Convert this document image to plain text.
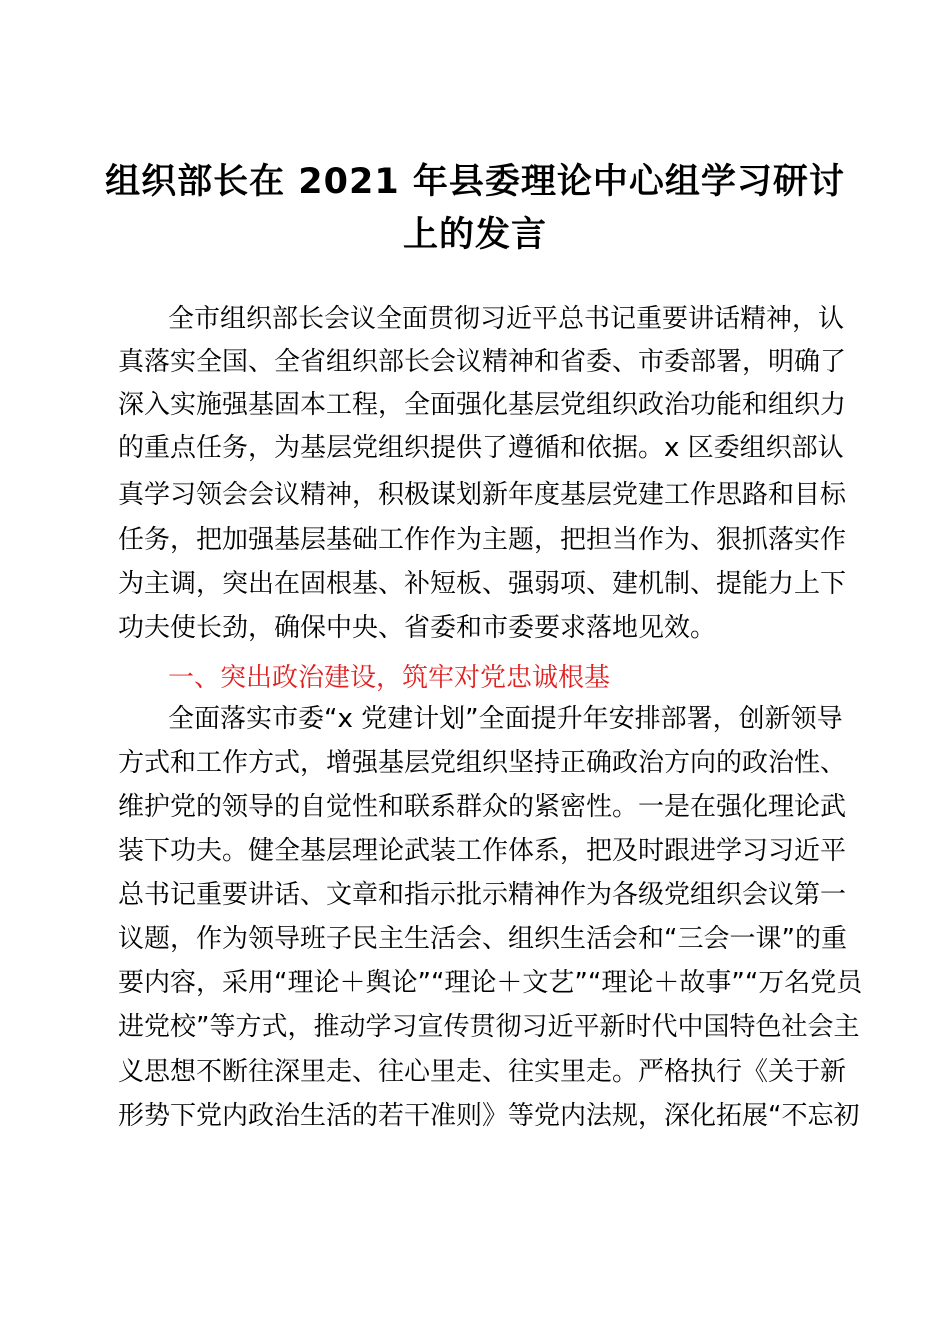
组织部长在 2021 年县委理论中心组学习研讨
上的发言
全市组织部长会议全面贯彻习近平总书记重要讲话精神，认
真落实全国、全省组织部长会议精神和省委、市委部署，明确了
深入实施强基固本工程，全面强化基层党组织政治功能和组织力
的重点任务，为基层党组织提供了遵循和依据。x 区委组织部认
真学习领会会议精神，积极谋划新年度基层党建工作思路和目标
任务，把加强基层基础工作作为主题，把担当作为、狠抓落实作
为主调，突出在固根基、补短板、强弱项、建机制、提能力上下
功夫使长劲，确保中央、省委和市委要求落地见效。
一、突出政治建设，筑牢对党忠诚根基
全面落实市委“x 党建计划”全面提升年安排部署，创新领导
方式和工作方式，增强基层党组织坚持正确政治方向的政治性、
维护党的领导的自觉性和联系群众的紧密性。一是在强化理论武
装下功夫。健全基层理论武装工作体系，把及时跟进学习习近平
总书记重要讲话、文章和指示批示精神作为各级党组织会议第一
议题，作为领导班子民主生活会、组织生活会和“三会一课”的重
要内容，采用“理论＋舆论”“理论＋文艺”“理论＋故事”“万名党员
进党校”等方式，推动学习宣传贯彻习近平新时代中国特色社会主
义思想不断往深里走、往心里走、往实里走。严格执行《关于新
形势下党内政治生活的若干准则》等党内法规，深化拓展“不忘初
